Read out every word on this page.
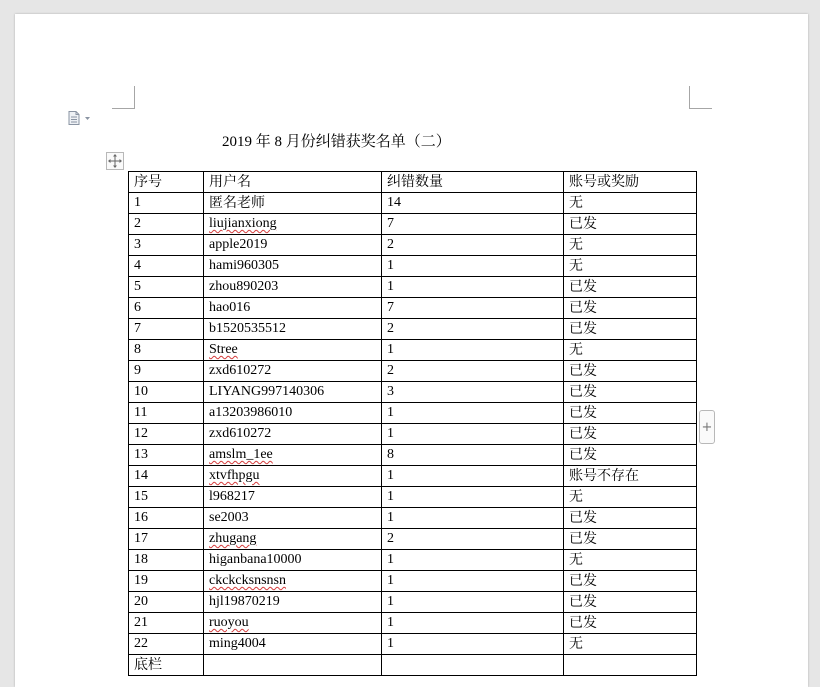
2019 年 8 月份纠错获奖名单（二）
序号	用户名	纠错数量	账号或奖励
1	匿名老师	14	无
2	liujianxiong	7	已发
3	apple2019	2	无
4	hami960305	1	无
5	zhou890203	1	已发
6	hao016	7	已发
7	b1520535512	2	已发
8	Stree	1	无
9	zxd610272	2	已发
10	LIYANG997140306	3	已发
11	a13203986010	1	已发
12	zxd610272	1	已发
13	amslm_1ee	8	已发
14	xtvfhpgu	1	账号不存在
15	l968217	1	无
16	se2003	1	已发
17	zhugang	2	已发
18	higanbana10000	1	无
19	ckckcksnsnsn	1	已发
20	hjl19870219	1	已发
21	ruoyou	1	已发
22	ming4004	1	无
底栏			
+
